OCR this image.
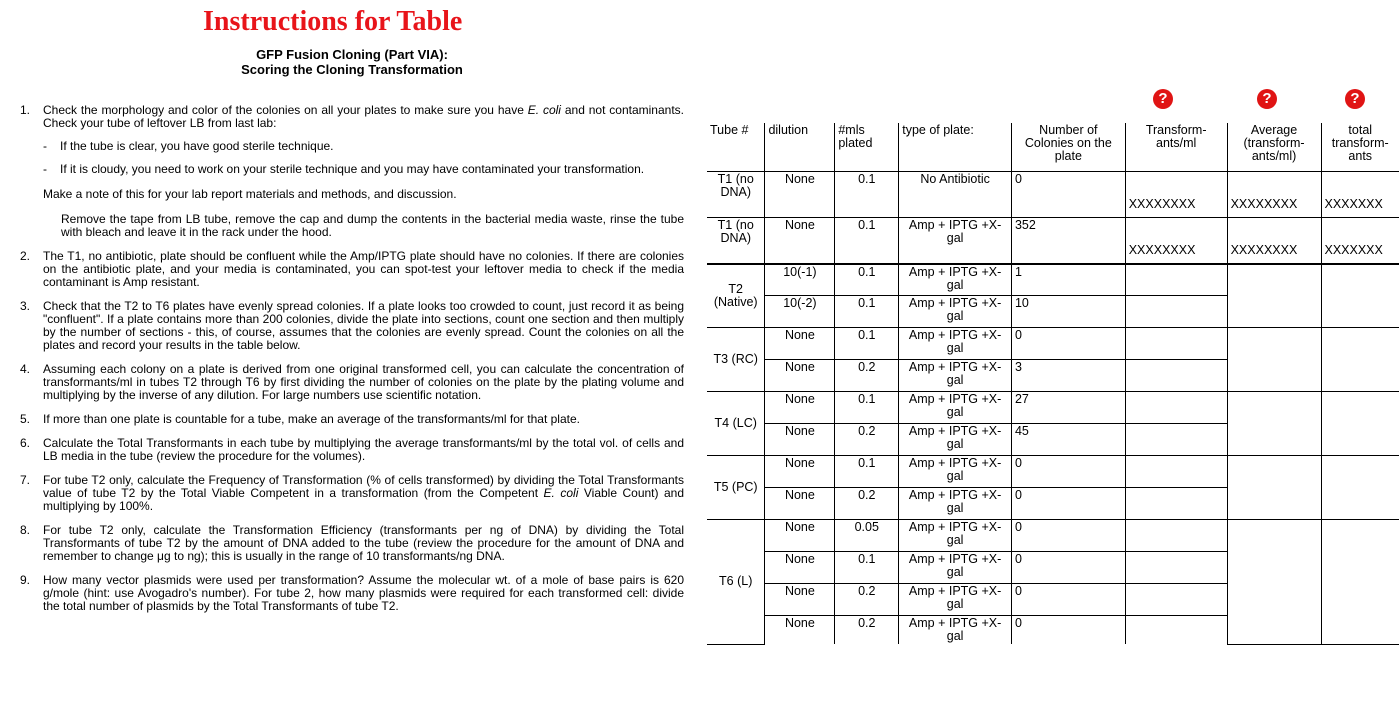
Instructions for Table
GFP Fusion Cloning (Part VIA):
Scoring the Cloning Transformation
1. Check the morphology and color of the colonies on all your plates to make sure you have E. coli and not contaminants. Check your tube of leftover LB from last lab:
- If the tube is clear, you have good sterile technique.
- If it is cloudy, you need to work on your sterile technique and you may have contaminated your transformation.
Make a note of this for your lab report materials and methods, and discussion.
Remove the tape from LB tube, remove the cap and dump the contents in the bacterial media waste, rinse the tube with bleach and leave it in the rack under the hood.
2. The T1, no antibiotic, plate should be confluent while the Amp/IPTG plate should have no colonies. If there are colonies on the antibiotic plate, and your media is contaminated, you can spot-test your leftover media to check if the media contaminant is Amp resistant.
3. Check that the T2 to T6 plates have evenly spread colonies. If a plate looks too crowded to count, just record it as being "confluent". If a plate contains more than 200 colonies, divide the plate into sections, count one section and then multiply by the number of sections - this, of course, assumes that the colonies are evenly spread. Count the colonies on all the plates and record your results in the table below.
4. Assuming each colony on a plate is derived from one original transformed cell, you can calculate the concentration of transformants/ml in tubes T2 through T6 by first dividing the number of colonies on the plate by the plating volume and multiplying by the inverse of any dilution. For large numbers use scientific notation.
5. If more than one plate is countable for a tube, make an average of the transformants/ml for that plate.
6. Calculate the Total Transformants in each tube by multiplying the average transformants/ml by the total vol. of cells and LB media in the tube (review the procedure for the volumes).
7. For tube T2 only, calculate the Frequency of Transformation (% of cells transformed) by dividing the Total Transformants value of tube T2 by the Total Viable Competent in a transformation (from the Competent E. coli Viable Count) and multiplying by 100%.
8. For tube T2 only, calculate the Transformation Efficiency (transformants per ng of DNA) by dividing the Total Transformants of tube T2 by the amount of DNA added to the tube (review the procedure for the amount of DNA and remember to change μg to ng); this is usually in the range of 10 transformants/ng DNA.
9. How many vector plasmids were used per transformation? Assume the molecular wt. of a mole of base pairs is 620 g/mole (hint: use Avogadro's number). For tube 2, how many plasmids were required for each transformed cell: divide the total number of plasmids by the Total Transformants of tube T2.
?	?	?
Tube #	dilution	#mls plated	type of plate:	Number of Colonies on the plate	Transform-ants/ml	Average (transform-ants/ml)	total transform-ants
T1 (no DNA)	None	0.1	No Antibiotic	0	XXXXXXXX	XXXXXXXX	XXXXXXX
T1 (no DNA)	None	0.1	Amp + IPTG +X-gal	352	XXXXXXXX	XXXXXXXX	XXXXXXX
T2 (Native)	10(-1)	0.1	Amp + IPTG +X-gal	1			
	10(-2)	0.1	Amp + IPTG +X-gal	10			
T3 (RC)	None	0.1	Amp + IPTG +X-gal	0			
	None	0.2	Amp + IPTG +X-gal	3			
T4 (LC)	None	0.1	Amp + IPTG +X-gal	27			
	None	0.2	Amp + IPTG +X-gal	45			
T5 (PC)	None	0.1	Amp + IPTG +X-gal	0			
	None	0.2	Amp + IPTG +X-gal	0			
T6 (L)	None	0.05	Amp + IPTG +X-gal	0			
	None	0.1	Amp + IPTG +X-gal	0			
	None	0.2	Amp + IPTG +X-gal	0			
	None	0.2	Amp + IPTG +X-gal	0			
